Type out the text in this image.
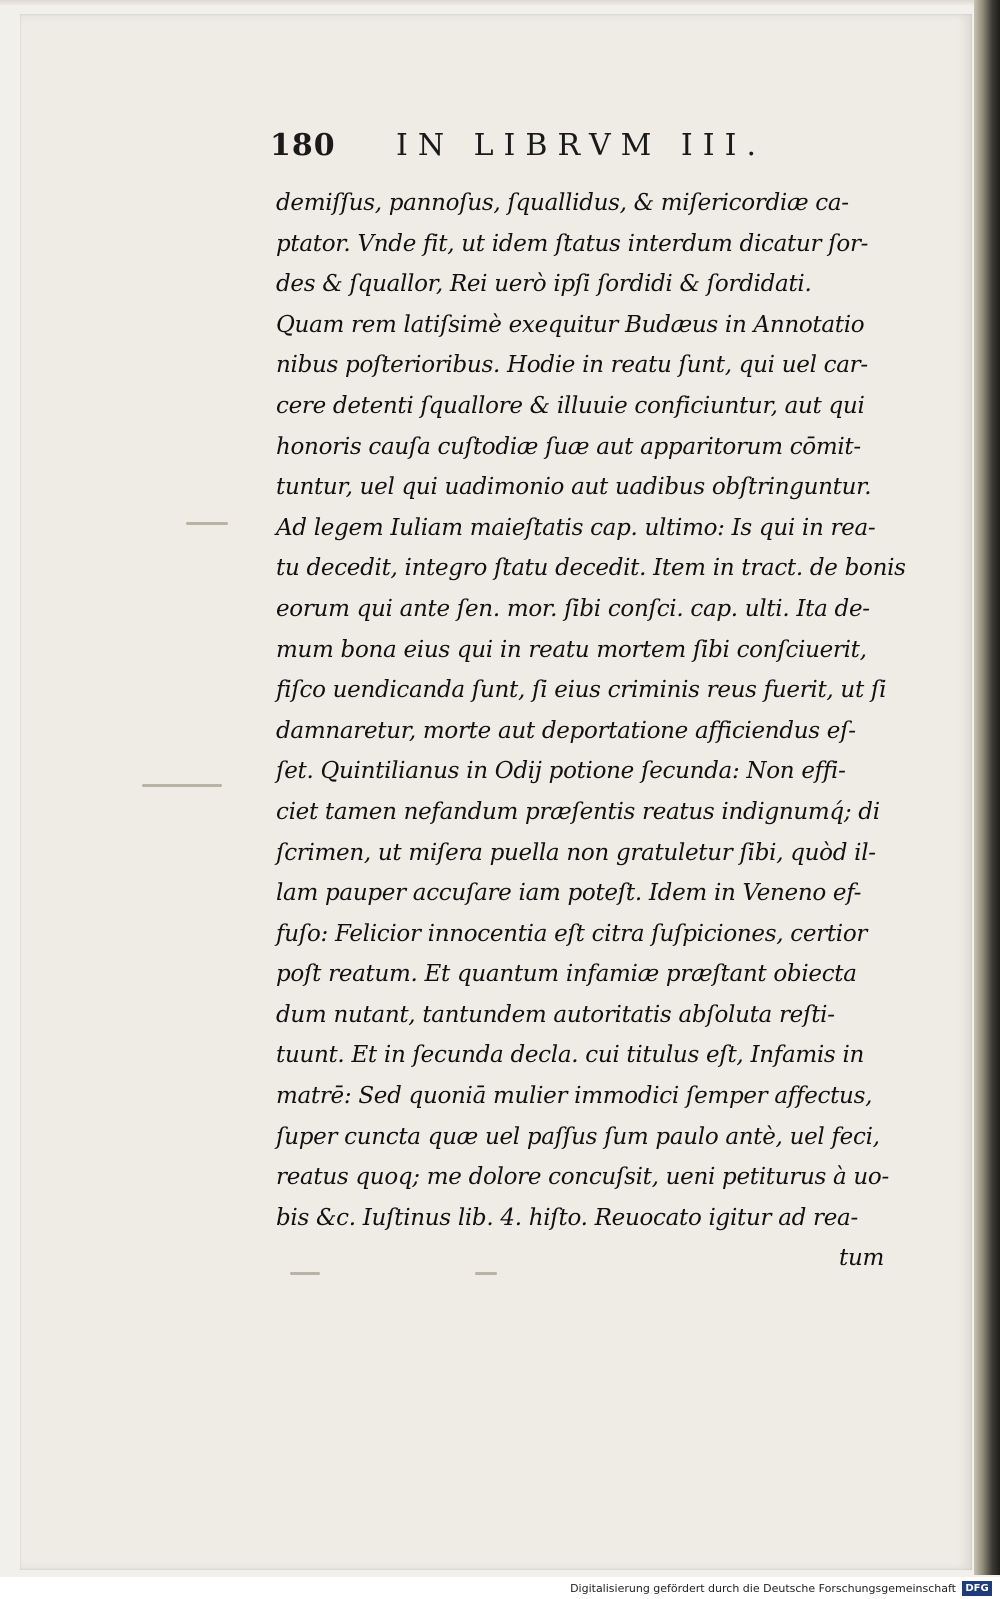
180 IN LIBRVM III.
demiſſus, pannoſus, ſquallidus, & miſericordiæ ca-
ptator. Vnde fit, ut idem ſtatus interdum dicatur ſor-
des & ſquallor, Rei uerò ipſi ſordidi & ſordidati.
Quam rem latiſsimè exequitur Budæus in Annotatio
nibus poſterioribus. Hodie in reatu ſunt, qui uel car-
cere detenti ſquallore & illuuie conficiuntur, aut qui
honoris cauſa cuſtodiæ ſuæ aut apparitorum cōmit-
tuntur, uel qui uadimonio aut uadibus obſtringuntur.
Ad legem Iuliam maieſtatis cap. ultimo: Is qui in rea-
tu decedit, integro ſtatu decedit. Item in tract. de bonis
eorum qui ante ſen. mor. ſibi conſci. cap. ulti. Ita de-
mum bona eius qui in reatu mortem ſibi conſciuerit,
fiſco uendicanda ſunt, ſi eius criminis reus fuerit, ut ſi
damnaretur, morte aut deportatione afficiendus eſ-
ſet. Quintilianus in Odij potione ſecunda: Non effi-
ciet tamen nefandum præſentis reatus indignumq́; di
ſcrimen, ut miſera puella non gratuletur ſibi, quòd il-
lam pauper accuſare iam poteſt. Idem in Veneno ef-
fuſo: Felicior innocentia eſt citra ſuſpiciones, certior
poſt reatum. Et quantum infamiæ præſtant obiecta
dum nutant, tantundem autoritatis abſoluta reſti-
tuunt. Et in ſecunda decla. cui titulus eſt, Infamis in
matrē: Sed quoniā mulier immodici ſemper affectus,
ſuper cuncta quæ uel paſſus ſum paulo antè, uel feci,
reatus quoq; me dolore concuſsit, ueni petiturus à uo-
bis &c. Iuſtinus lib. 4. hiſto. Reuocato igitur ad rea-
tum
Digitalisierung gefördert durch die Deutsche Forschungsgemeinschaft DFG
